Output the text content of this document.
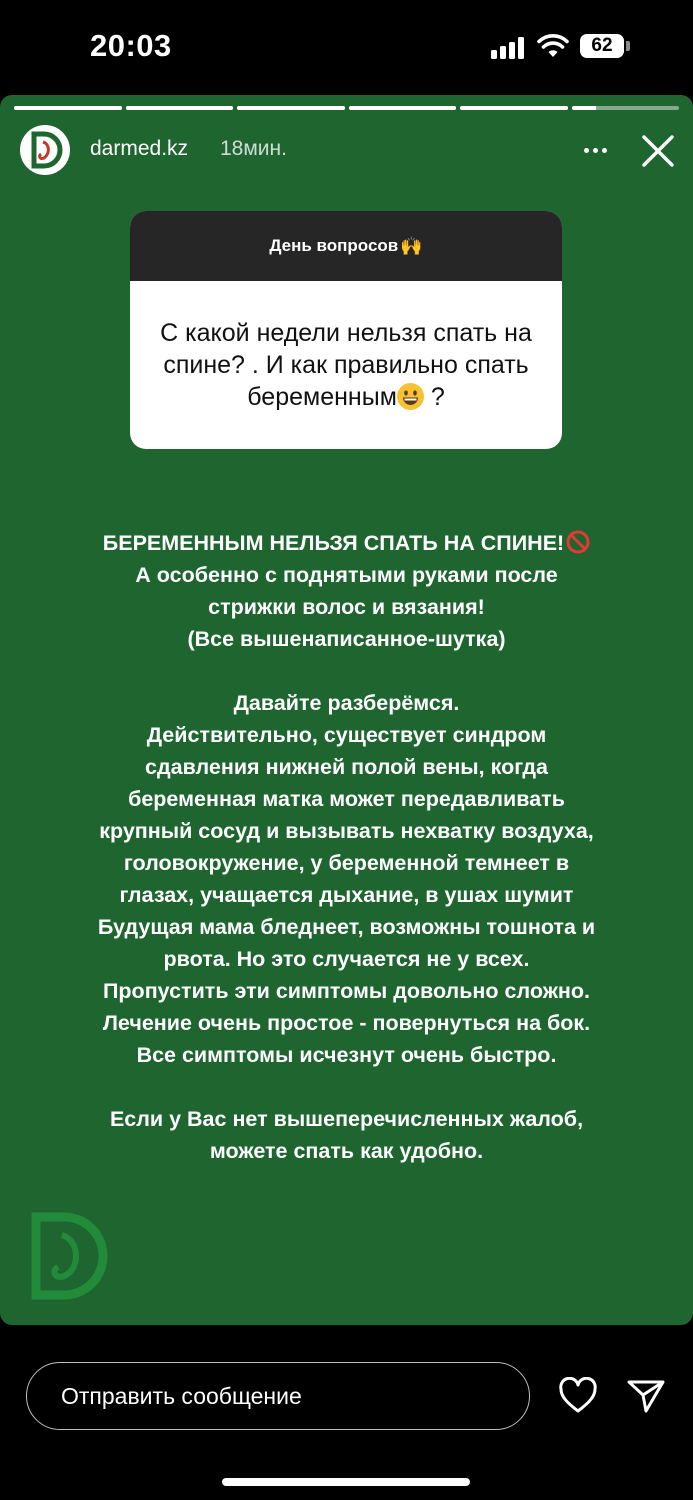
20:03	62
darmed.kz 18мин.
День вопросов 🙌
С какой недели нельзя спать на спине? . И как правильно спать беременным ?

БЕРЕМЕННЫМ НЕЛЬЗЯ СПАТЬ НА СПИНЕ!

А особенно с поднятыми руками после

стрижки волос и вязания!

(Все вышенаписанное-шутка)

Давайте разберёмся.

Действительно, существует синдром

сдавления нижней полой вены, когда

беременная матка может передавливать

крупный сосуд и вызывать нехватку воздуха,

головокружение, у беременной темнеет в

глазах, учащается дыхание, в ушах шумит

Будущая мама бледнеет, возможны тошнота и

рвота. Но это случается не у всех.

Пропустить эти симптомы довольно сложно.

Лечение очень простое - повернуться на бок.

Все симптомы исчезнут очень быстро.

Если у Вас нет вышеперечисленных жалоб,

можете спать как удобно.

Отправить сообщение
